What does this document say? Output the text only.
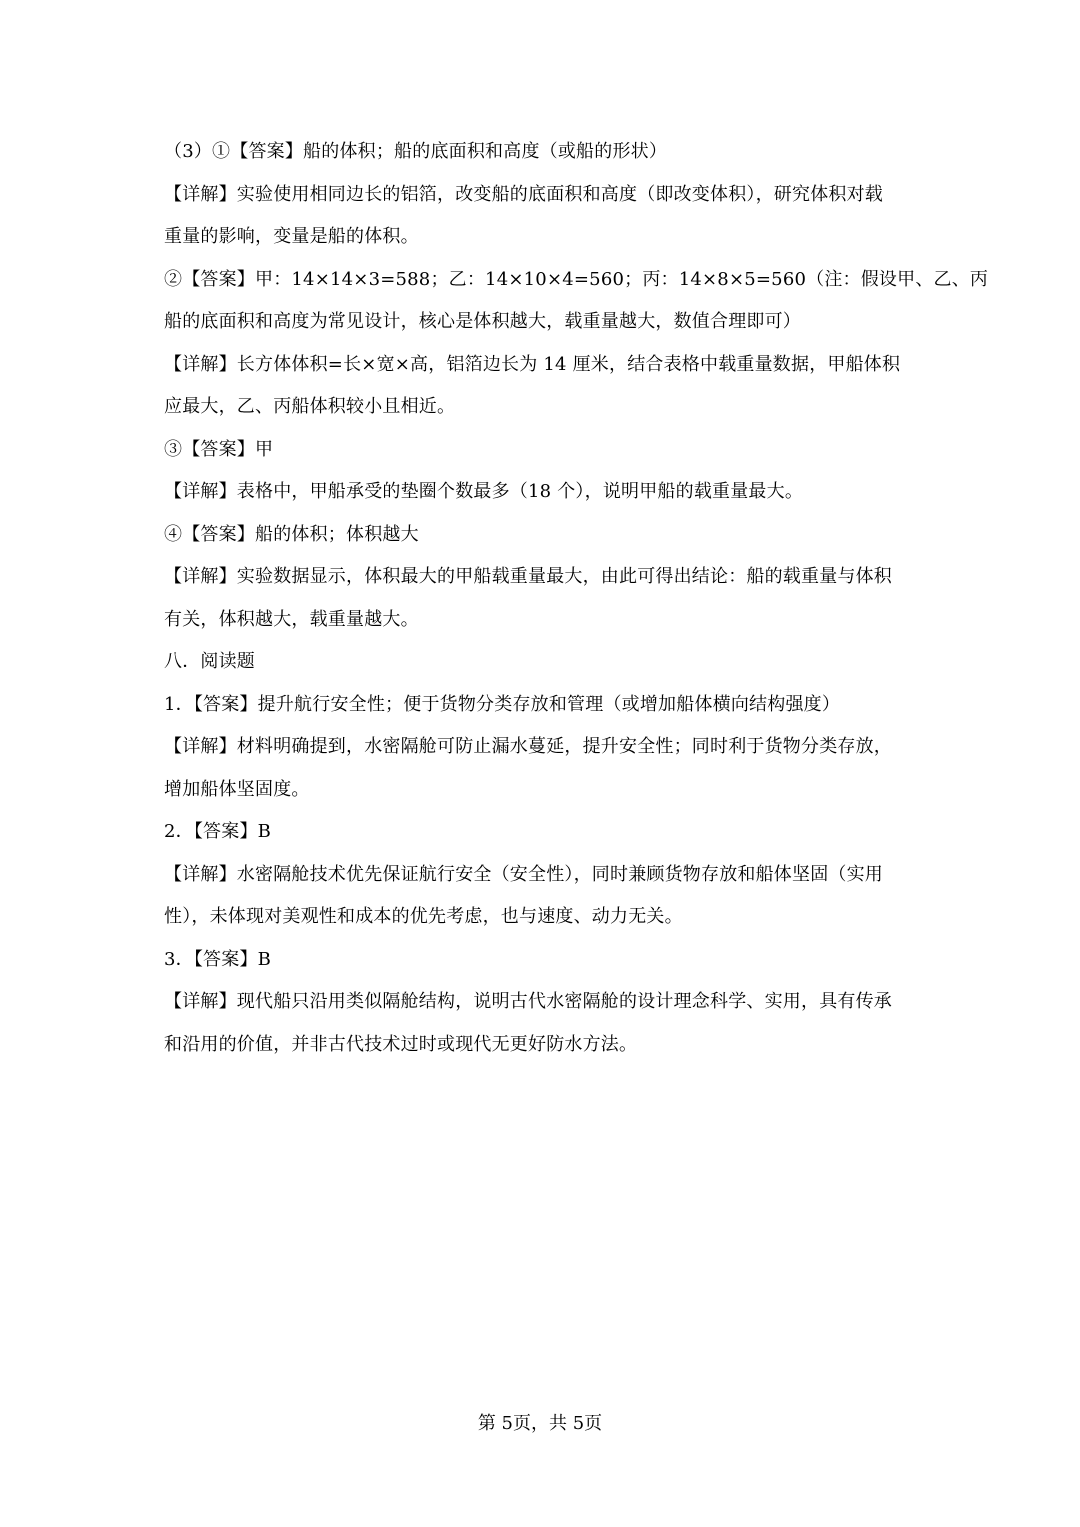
（3）①【答案】船的体积；船的底面积和高度（或船的形状）
【详解】实验使用相同边长的铝箔，改变船的底面积和高度（即改变体积），研究体积对载
重量的影响，变量是船的体积。
②【答案】甲：14×14×3=588；乙：14×10×4=560；丙：14×8×5=560（注：假设甲、乙、丙
船的底面积和高度为常见设计，核心是体积越大，载重量越大，数值合理即可）
【详解】长方体体积=长×宽×高，铝箔边长为 14 厘米，结合表格中载重量数据，甲船体积
应最大，乙、丙船体积较小且相近。
③【答案】甲
【详解】表格中，甲船承受的垫圈个数最多（18 个），说明甲船的载重量最大。
④【答案】船的体积；体积越大
【详解】实验数据显示，体积最大的甲船载重量最大，由此可得出结论：船的载重量与体积
有关，体积越大，载重量越大。
八．阅读题
1．【答案】提升航行安全性；便于货物分类存放和管理（或增加船体横向结构强度）
【详解】材料明确提到，水密隔舱可防止漏水蔓延，提升安全性；同时利于货物分类存放，
增加船体坚固度。
2．【答案】B
【详解】水密隔舱技术优先保证航行安全（安全性），同时兼顾货物存放和船体坚固（实用
性），未体现对美观性和成本的优先考虑，也与速度、动力无关。
3．【答案】B
【详解】现代船只沿用类似隔舱结构，说明古代水密隔舱的设计理念科学、实用，具有传承
和沿用的价值，并非古代技术过时或现代无更好防水方法。
第 5页，共 5页
